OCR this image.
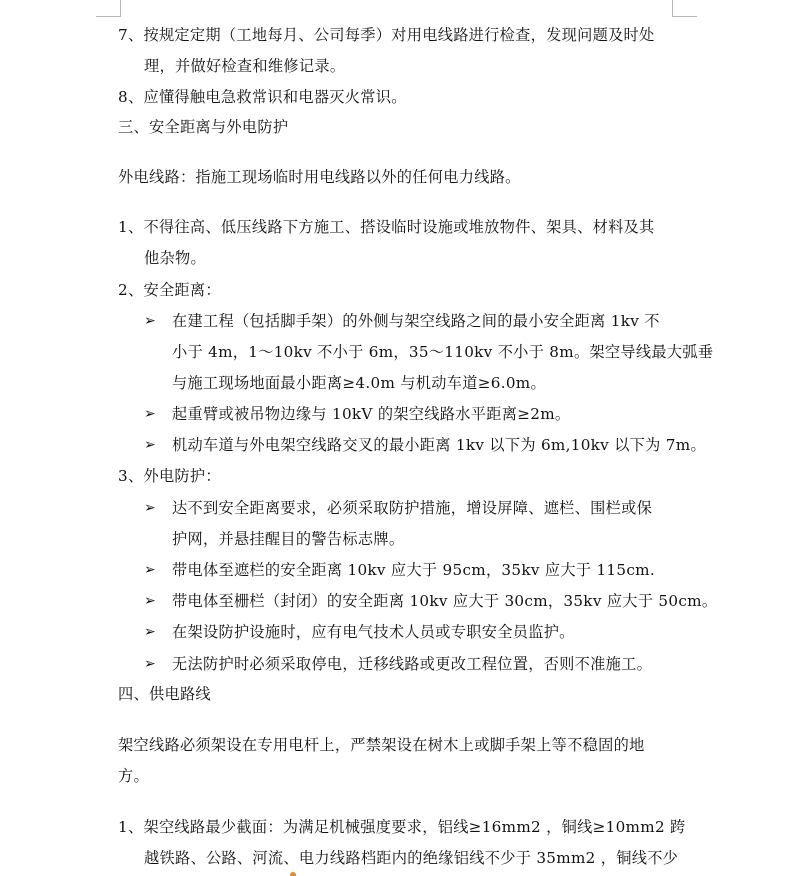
7、按规定定期（工地每月、公司每季）对用电线路进行检查，发现问题及时处
理，并做好检查和维修记录。
8、应懂得触电急救常识和电器灭火常识。
三、安全距离与外电防护
外电线路：指施工现场临时用电线路以外的任何电力线路。
1、不得往高、低压线路下方施工、搭设临时设施或堆放物件、架具、材料及其
他杂物。
2、安全距离：
➢ 在建工程（包括脚手架）的外侧与架空线路之间的最小安全距离 1kv 不
小于 4m，1～10kv 不小于 6m，35～110kv 不小于 8m。架空导线最大弧垂
与施工现场地面最小距离≥4.0m 与机动车道≥6.0m。
➢ 起重臂或被吊物边缘与 10kV 的架空线路水平距离≥2m。
➢ 机动车道与外电架空线路交叉的最小距离 1kv 以下为 6m,10kv 以下为 7m。
3、外电防护：
➢ 达不到安全距离要求，必须采取防护措施，增设屏障、遮栏、围栏或保
护网，并悬挂醒目的警告标志牌。
➢ 带电体至遮栏的安全距离 10kv 应大于 95cm，35kv 应大于 115cm.
➢ 带电体至栅栏（封闭）的安全距离 10kv 应大于 30cm，35kv 应大于 50cm。
➢ 在架设防护设施时，应有电气技术人员或专职安全员监护。
➢ 无法防护时必须采取停电，迁移线路或更改工程位置，否则不准施工。
四、供电路线
架空线路必须架设在专用电杆上，严禁架设在树木上或脚手架上等不稳固的地
方。
1、架空线路最少截面：为满足机械强度要求，铝线≥16mm2 ，铜线≥10mm2 跨
越铁路、公路、河流、电力线路档距内的绝缘铝线不少于 35mm2 ，铜线不少
